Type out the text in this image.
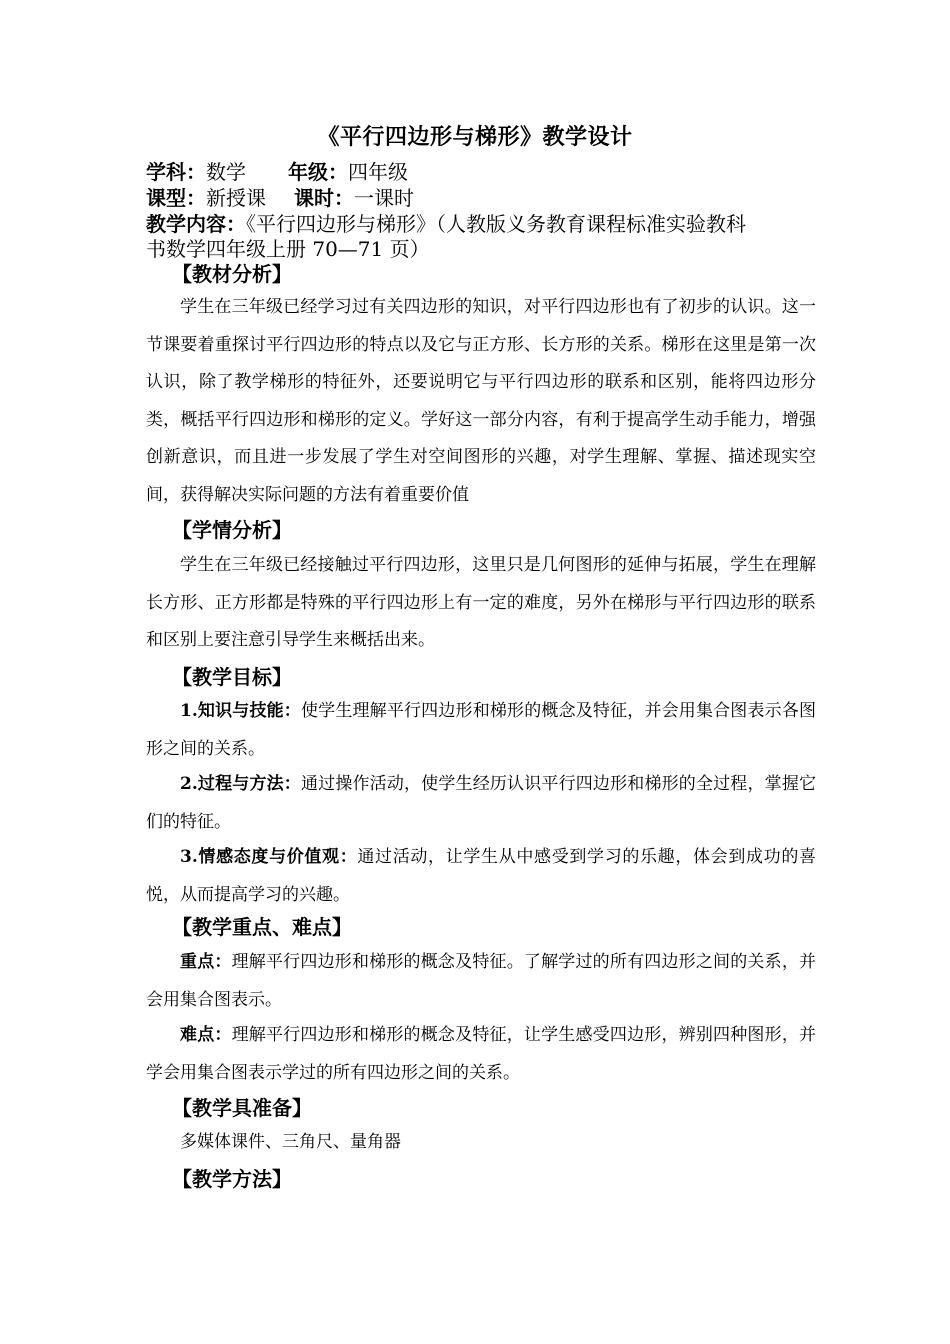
《平行四边形与梯形》教学设计
学科：数学 年级：四年级
课型：新授课 课时：一课时
教学内容：《平行四边形与梯形》（人教版义务教育课程标准实验教科
书数学四年级上册 70—71 页）
【教材分析】
学生在三年级已经学习过有关四边形的知识，对平行四边形也有了初步的认识。这一节课要着重探讨平行四边形的特点以及它与正方形、长方形的关系。梯形在这里是第一次认识，除了教学梯形的特征外，还要说明它与平行四边形的联系和区别，能将四边形分类，概括平行四边形和梯形的定义。学好这一部分内容，有利于提高学生动手能力，增强创新意识，而且进一步发展了学生对空间图形的兴趣，对学生理解、掌握、描述现实空间，获得解决实际问题的方法有着重要价值
【学情分析】
学生在三年级已经接触过平行四边形，这里只是几何图形的延伸与拓展，学生在理解长方形、正方形都是特殊的平行四边形上有一定的难度，另外在梯形与平行四边形的联系和区别上要注意引导学生来概括出来。
【教学目标】
1.知识与技能：使学生理解平行四边形和梯形的概念及特征，并会用集合图表示各图形之间的关系。
2.过程与方法：通过操作活动，使学生经历认识平行四边形和梯形的全过程，掌握它们的特征。
3.情感态度与价值观：通过活动，让学生从中感受到学习的乐趣，体会到成功的喜悦，从而提高学习的兴趣。
【教学重点、难点】
重点：理解平行四边形和梯形的概念及特征。了解学过的所有四边形之间的关系，并会用集合图表示。
难点：理解平行四边形和梯形的概念及特征，让学生感受四边形，辨别四种图形，并学会用集合图表示学过的所有四边形之间的关系。
【教学具准备】
多媒体课件、三角尺、量角器
【教学方法】
